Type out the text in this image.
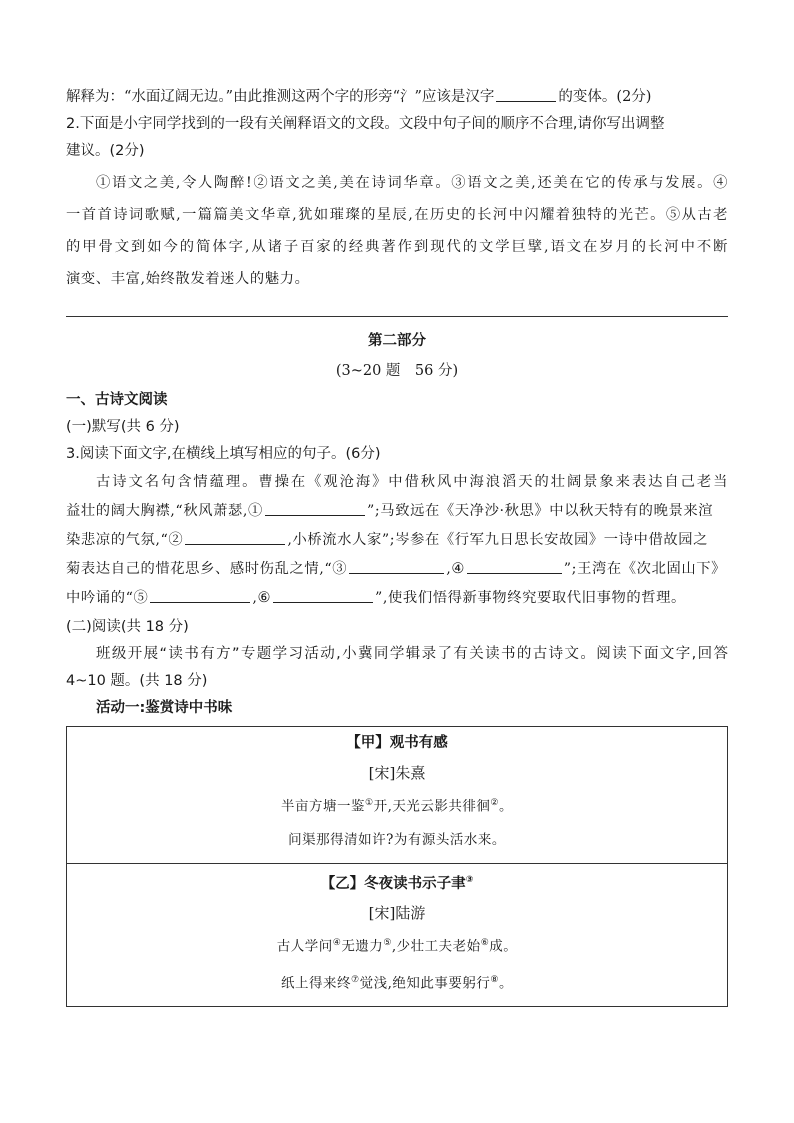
解释为：“水面辽阔无边。”由此推测这两个字的形旁“氵”应该是汉字	的变体。(2分)
2.下面是小宇同学找到的一段有关阐释语文的文段。文段中句子间的顺序不合理,请你写出调整
建议。(2分)
①语文之美,令人陶醉!②语文之美,美在诗词华章。③语文之美,还美在它的传承与发展。④
一首首诗词歌赋,一篇篇美文华章,犹如璀璨的星辰,在历史的长河中闪耀着独特的光芒。⑤从古老
的甲骨文到如今的简体字,从诸子百家的经典著作到现代的文学巨擘,语文在岁月的长河中不断
演变、丰富,始终散发着迷人的魅力。
第二部分
(3~20 题　56 分)
一、古诗文阅读
(一)默写(共 6 分)
3.阅读下面文字,在横线上填写相应的句子。(6分)
古诗文名句含情蕴理。曹操在《观沧海》中借秋风中海浪滔天的壮阔景象来表达自己老当
益壮的阔大胸襟,“秋风萧瑟,①	”;马致远在《天净沙·秋思》中以秋天特有的晚景来渲
染悲凉的气氛,“②	,小桥流水人家”;岑参在《行军九日思长安故园》一诗中借故园之
菊表达自己的惜花思乡、感时伤乱之情,“③	,④	”;王湾在《次北固山下》
中吟诵的“⑤	,⑥	”,使我们悟得新事物终究要取代旧事物的哲理。
(二)阅读(共 18 分)
班级开展“读书有方”专题学习活动,小冀同学辑录了有关读书的古诗文。阅读下面文字,回答
4~10 题。(共 18 分)
活动一:鉴赏诗中书味
【甲】观书有感
[宋]朱熹
半亩方塘一鉴①开,天光云影共徘徊②。
问渠那得清如许?为有源头活水来。

【乙】冬夜读书示子聿③
[宋]陆游
古人学问④无遗力⑤,少壮工夫老始⑥成。
纸上得来终⑦觉浅,绝知此事要躬行⑧。
